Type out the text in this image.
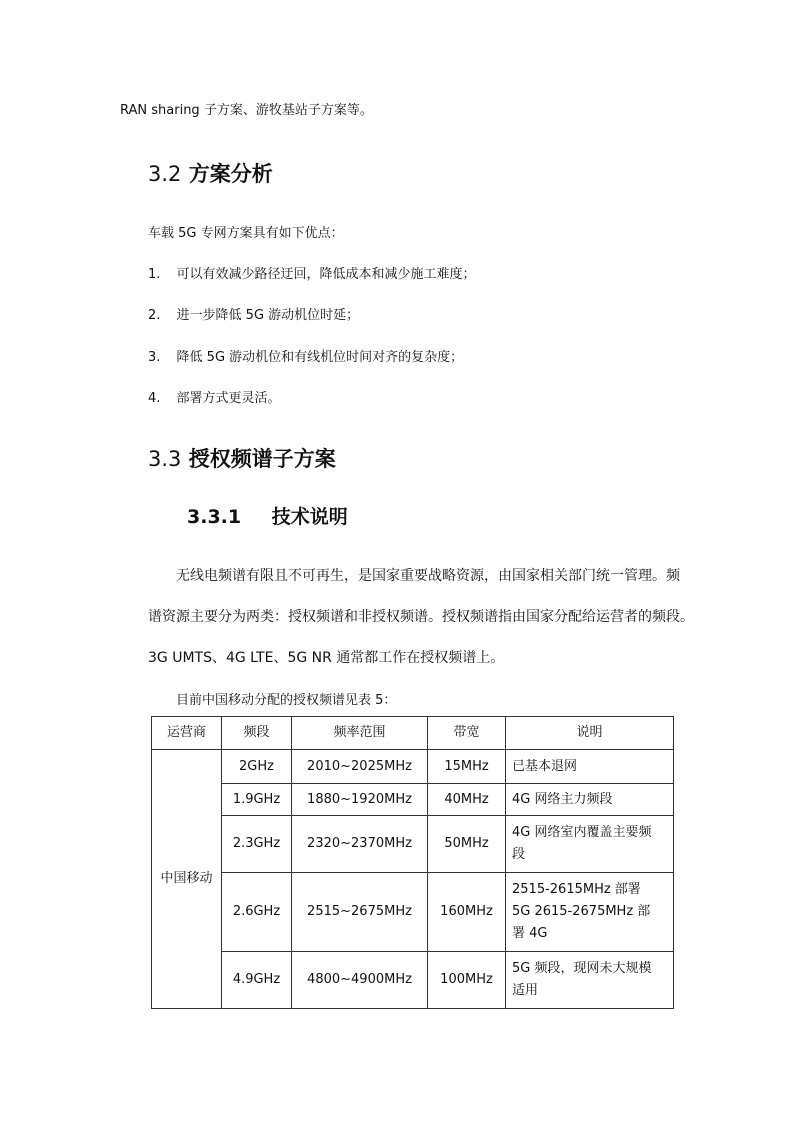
RAN sharing 子方案、游牧基站子方案等。
3.2 方案分析
车载 5G 专网方案具有如下优点：
1. 可以有效减少路径迂回，降低成本和减少施工难度；
2. 进一步降低 5G 游动机位时延；
3. 降低 5G 游动机位和有线机位时间对齐的复杂度；
4. 部署方式更灵活。
3.3 授权频谱子方案
3.3.1 技术说明
无线电频谱有限且不可再生，是国家重要战略资源，由国家相关部门统一管理。频
谱资源主要分为两类：授权频谱和非授权频谱。授权频谱指由国家分配给运营者的频段。
3G UMTS、4G LTE、5G NR 通常都工作在授权频谱上。
目前中国移动分配的授权频谱见表 5：
运营商	频段	频率范围	带宽	说明
中国移动	2GHz	2010~2025MHz	15MHz	已基本退网
	1.9GHz	1880~1920MHz	40MHz	4G 网络主力频段
	2.3GHz	2320~2370MHz	50MHz	4G 网络室内覆盖主要频
段

	2.6GHz	2515~2675MHz	160MHz	2515-2615MHz 部署
5G 2615-2675MHz 部
署 4G

	4.9GHz	4800~4900MHz	100MHz	5G 频段，现网未大规模
适用
